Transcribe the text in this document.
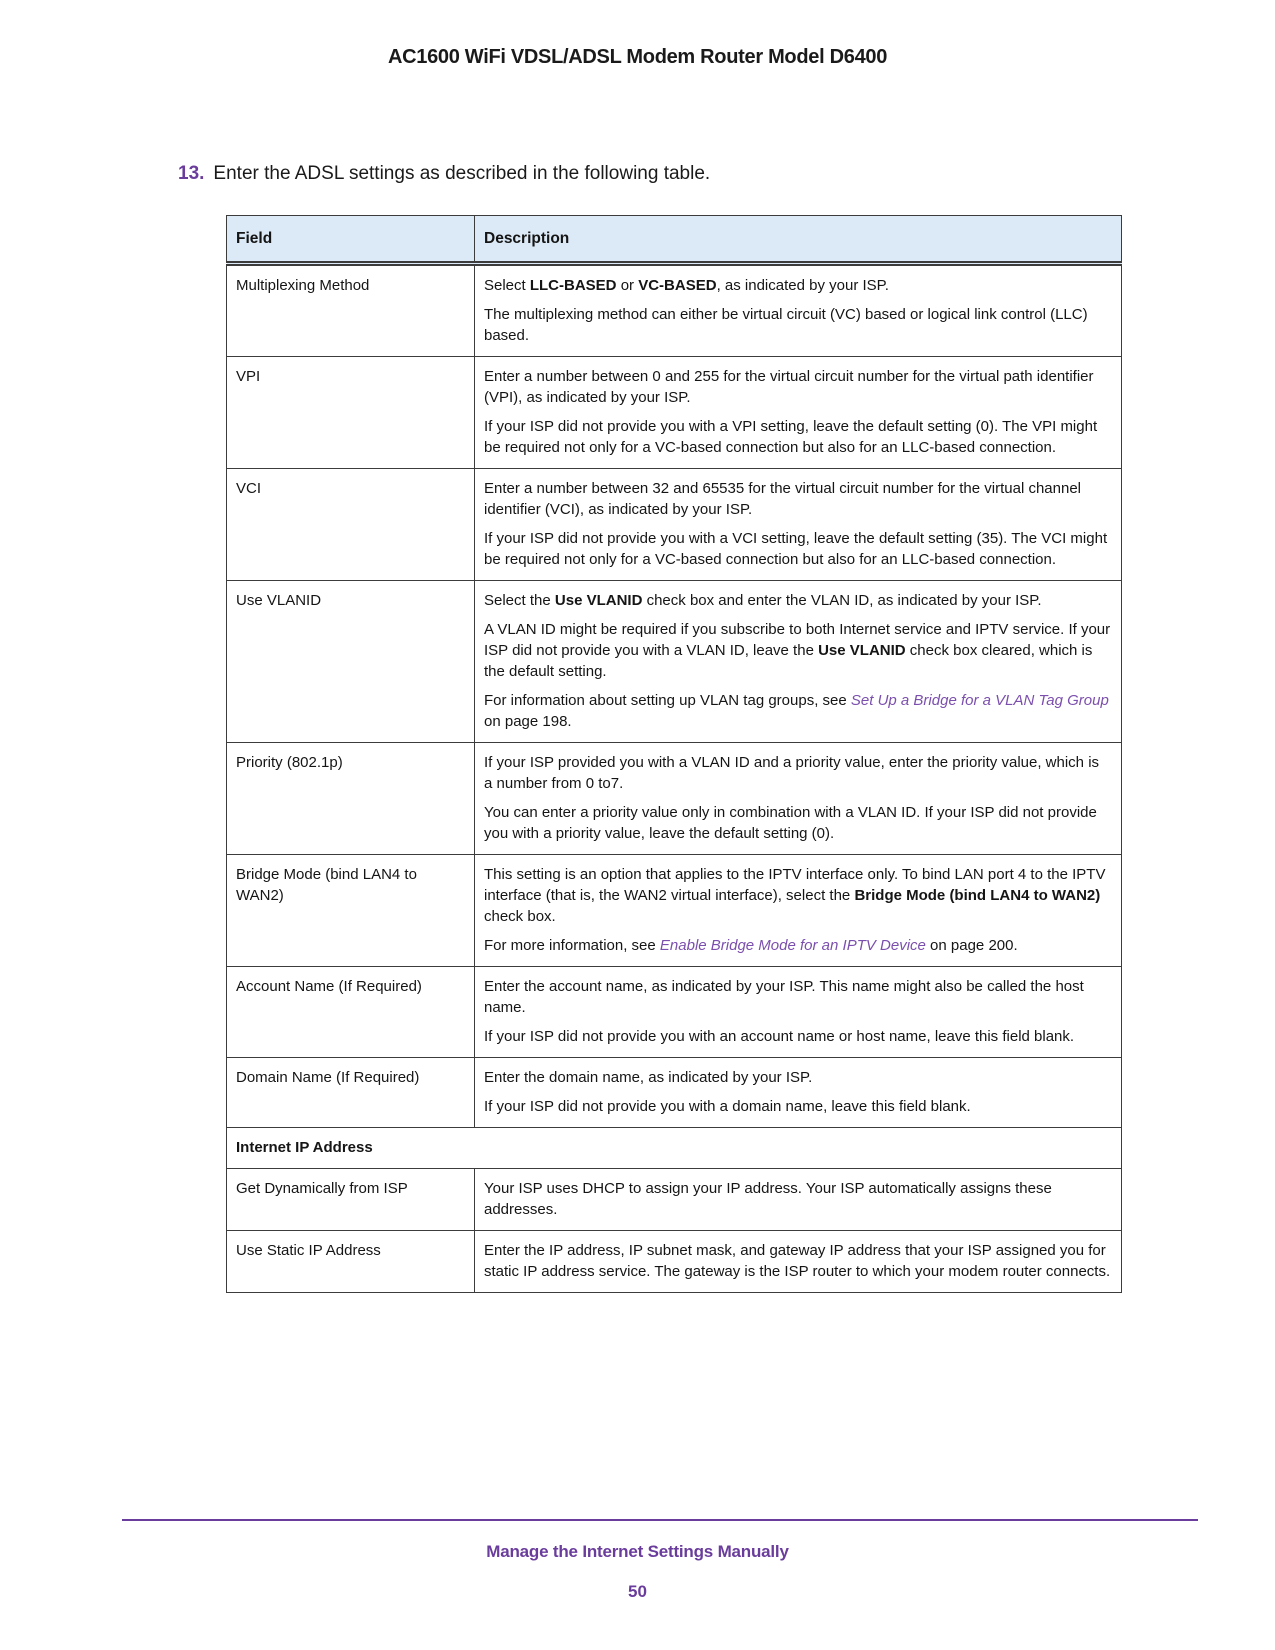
AC1600 WiFi VDSL/ADSL Modem Router Model D6400
13. Enter the ADSL settings as described in the following table.
Field	Description
Multiplexing Method	Select LLC-BASED or VC-BASED, as indicated by your ISP.
The multiplexing method can either be virtual circuit (VC) based or logical link control (LLC) based.

VPI	Enter a number between 0 and 255 for the virtual circuit number for the virtual path identifier (VPI), as indicated by your ISP.
If your ISP did not provide you with a VPI setting, leave the default setting (0). The VPI might be required not only for a VC-based connection but also for an LLC-based connection.

VCI	Enter a number between 32 and 65535 for the virtual circuit number for the virtual channel identifier (VCI), as indicated by your ISP.
If your ISP did not provide you with a VCI setting, leave the default setting (35). The VCI might be required not only for a VC-based connection but also for an LLC-based connection.

Use VLANID	Select the Use VLANID check box and enter the VLAN ID, as indicated by your ISP.
A VLAN ID might be required if you subscribe to both Internet service and IPTV service. If your ISP did not provide you with a VLAN ID, leave the Use VLANID check box cleared, which is the default setting.
For information about setting up VLAN tag groups, see Set Up a Bridge for a VLAN Tag Group on page 198.

Priority (802.1p)	If your ISP provided you with a VLAN ID and a priority value, enter the priority value, which is a number from 0 to7.
You can enter a priority value only in combination with a VLAN ID. If your ISP did not provide you with a priority value, leave the default setting (0).

Bridge Mode (bind LAN4 to WAN2)	This setting is an option that applies to the IPTV interface only. To bind LAN port 4 to the IPTV interface (that is, the WAN2 virtual interface), select the Bridge Mode (bind LAN4 to WAN2) check box.
For more information, see Enable Bridge Mode for an IPTV Device on page 200.

Account Name (If Required)	Enter the account name, as indicated by your ISP. This name might also be called the host name.
If your ISP did not provide you with an account name or host name, leave this field blank.

Domain Name (If Required)	Enter the domain name, as indicated by your ISP.
If your ISP did not provide you with a domain name, leave this field blank.

Internet IP Address	
Get Dynamically from ISP	Your ISP uses DHCP to assign your IP address. Your ISP automatically assigns these addresses.

Use Static IP Address	Enter the IP address, IP subnet mask, and gateway IP address that your ISP assigned you for static IP address service. The gateway is the ISP router to which your modem router connects.
Manage the Internet Settings Manually
50
